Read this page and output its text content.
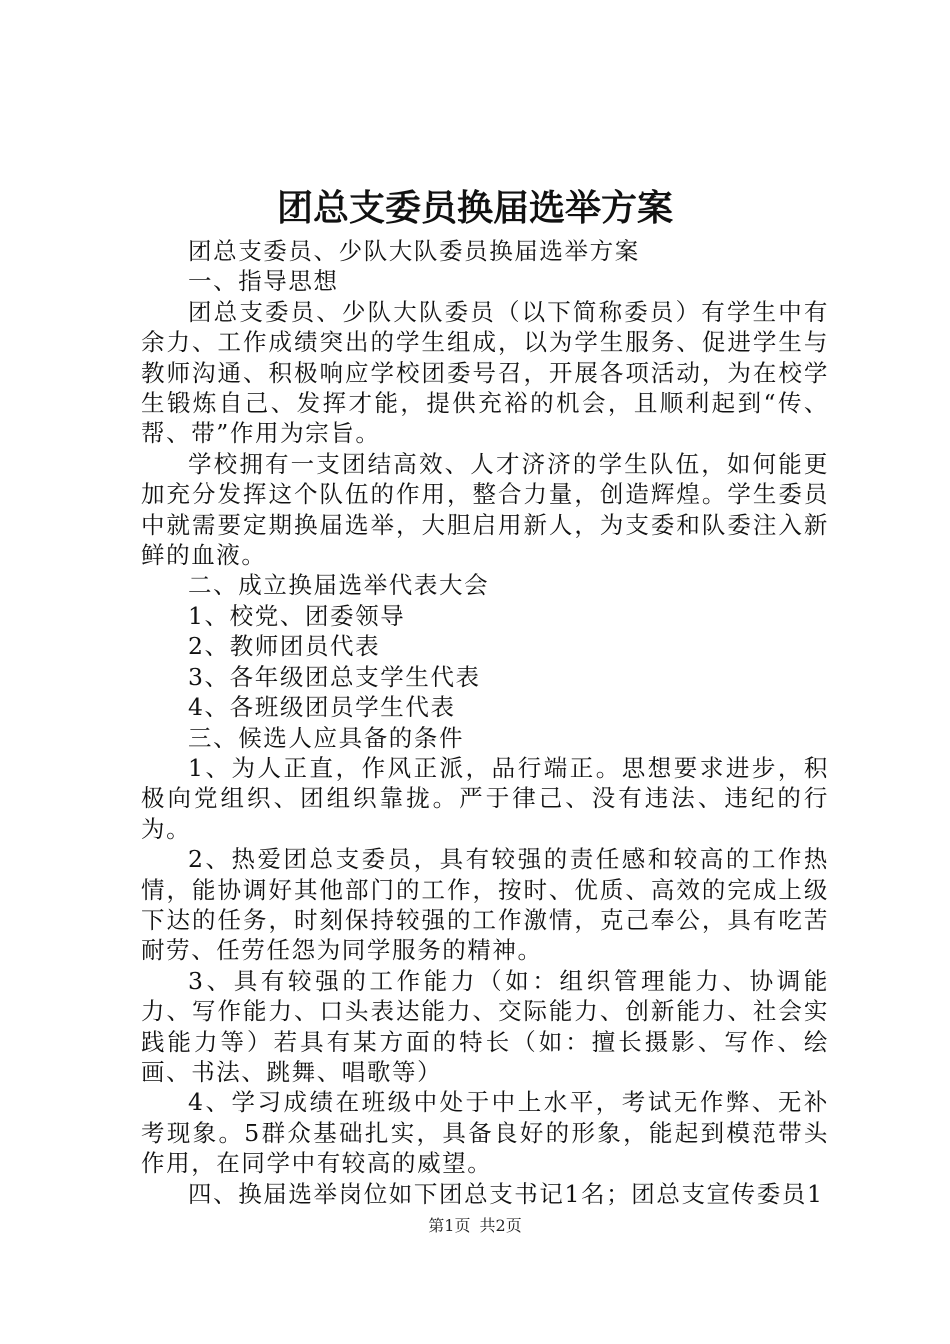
团总支委员换届选举方案

团总支委员、少队大队委员换届选举方案

一、指导思想

团总支委员、少队大队委员（以下简称委员）有学生中有余力、工作成绩突出的学生组成，以为学生服务、促进学生与教师沟通、积极响应学校团委号召，开展各项活动，为在校学生锻炼自己、发挥才能，提供充裕的机会，且顺利起到“传、帮、带”作用为宗旨。

学校拥有一支团结高效、人才济济的学生队伍，如何能更加充分发挥这个队伍的作用，整合力量，创造辉煌。学生委员中就需要定期换届选举，大胆启用新人，为支委和队委注入新鲜的血液。

二、成立换届选举代表大会

1、校党、团委领导

2、教师团员代表

3、各年级团总支学生代表

4、各班级团员学生代表

三、候选人应具备的条件

1、为人正直，作风正派，品行端正。思想要求进步，积极向党组织、团组织靠拢。严于律己、没有违法、违纪的行为。

2、热爱团总支委员，具有较强的责任感和较高的工作热情，能协调好其他部门的工作，按时、优质、高效的完成上级下达的任务，时刻保持较强的工作激情，克己奉公，具有吃苦耐劳、任劳任怨为同学服务的精神。

3、具有较强的工作能力（如：组织管理能力、协调能力、写作能力、口头表达能力、交际能力、创新能力、社会实践能力等）若具有某方面的特长（如：擅长摄影、写作、绘画、书法、跳舞、唱歌等）

4、学习成绩在班级中处于中上水平，考试无作弊、无补考现象。5群众基础扎实，具备良好的形象，能起到模范带头作用，在同学中有较高的威望。

四、换届选举岗位如下团总支书记1名；团总支宣传委员1

第1页 共2页
